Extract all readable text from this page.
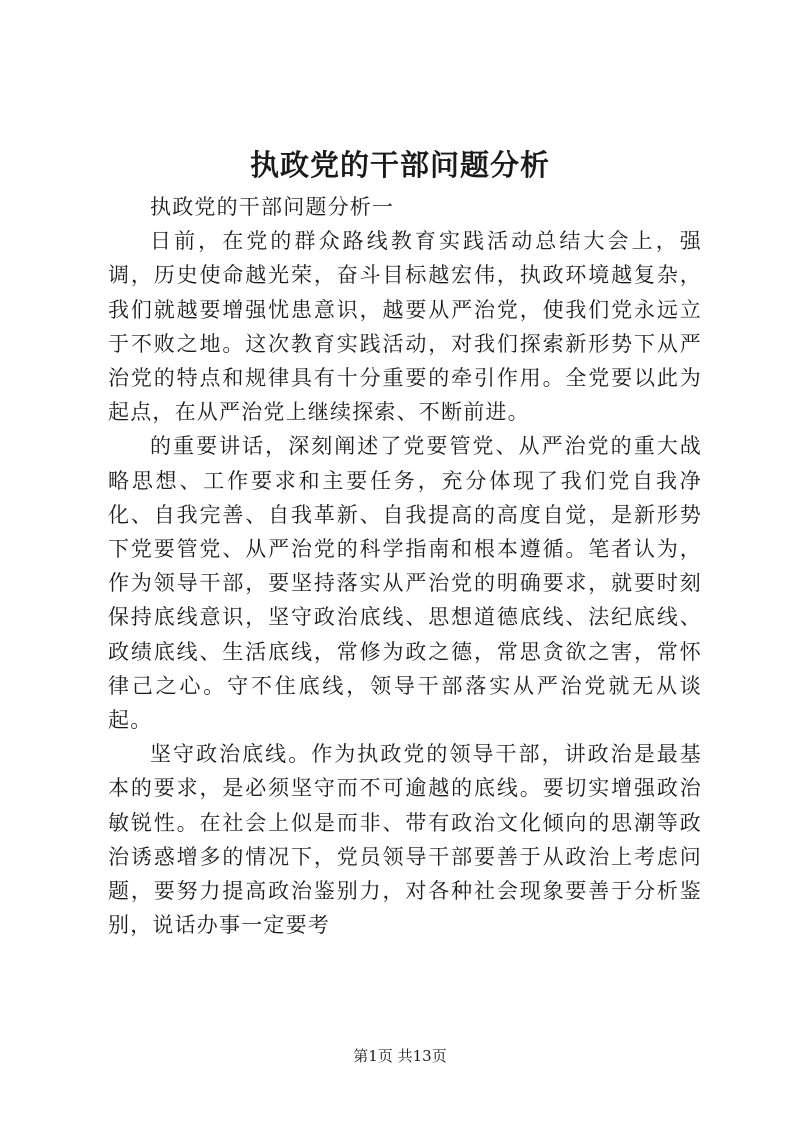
执政党的干部问题分析

执政党的干部问题分析一

日前，在党的群众路线教育实践活动总结大会上，强调，历史使命越光荣，奋斗目标越宏伟，执政环境越复杂，我们就越要增强忧患意识，越要从严治党，使我们党永远立于不败之地。这次教育实践活动，对我们探索新形势下从严治党的特点和规律具有十分重要的牵引作用。全党要以此为起点，在从严治党上继续探索、不断前进。

的重要讲话，深刻阐述了党要管党、从严治党的重大战略思想、工作要求和主要任务，充分体现了我们党自我净化、自我完善、自我革新、自我提高的高度自觉，是新形势下党要管党、从严治党的科学指南和根本遵循。笔者认为，作为领导干部，要坚持落实从严治党的明确要求，就要时刻保持底线意识，坚守政治底线、思想道德底线、法纪底线、政绩底线、生活底线，常修为政之德，常思贪欲之害，常怀律己之心。守不住底线，领导干部落实从严治党就无从谈起。

坚守政治底线。作为执政党的领导干部，讲政治是最基本的要求，是必须坚守而不可逾越的底线。要切实增强政治敏锐性。在社会上似是而非、带有政治文化倾向的思潮等政治诱惑增多的情况下，党员领导干部要善于从政治上考虑问题，要努力提高政治鉴别力，对各种社会现象要善于分析鉴别，说话办事一定要考

第1页 共13页
